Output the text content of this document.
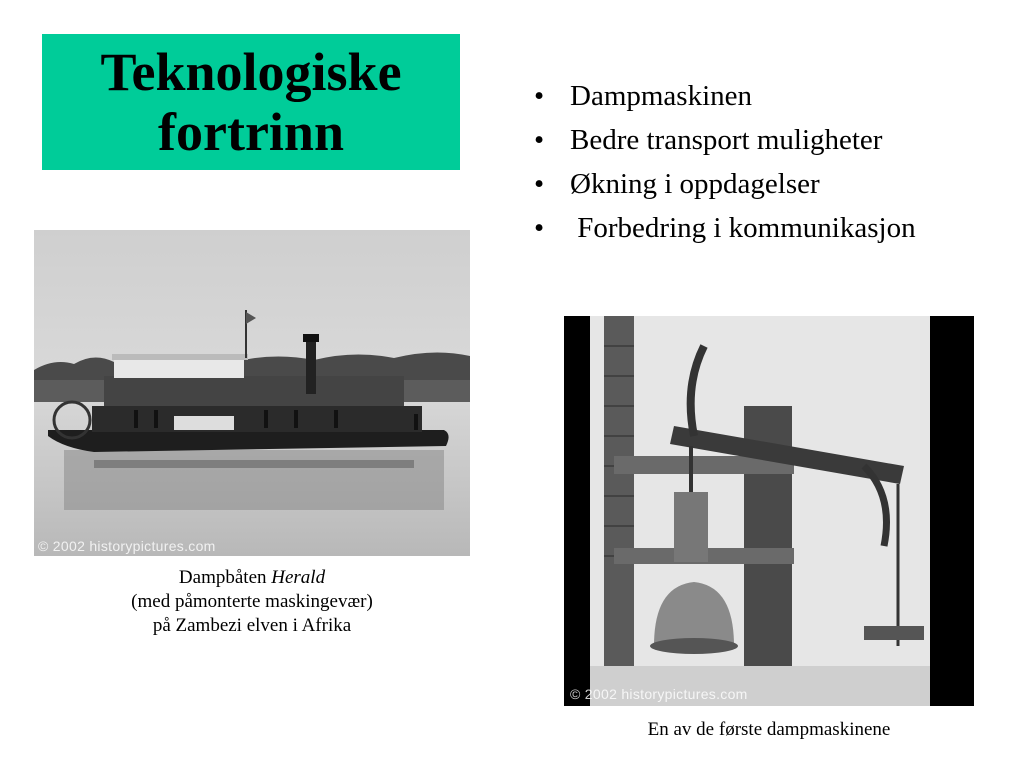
Teknologiske
fortrinn
• Dampmaskinen
• Bedre transport muligheter
• Økning i oppdagelser
•  Forbedring i kommunikasjon
© 2002 historypictures.com
Dampbåten Herald
(med påmonterte maskingevær)
på Zambezi elven i Afrika
© 2002 historypictures.com
En av de første dampmaskinene
